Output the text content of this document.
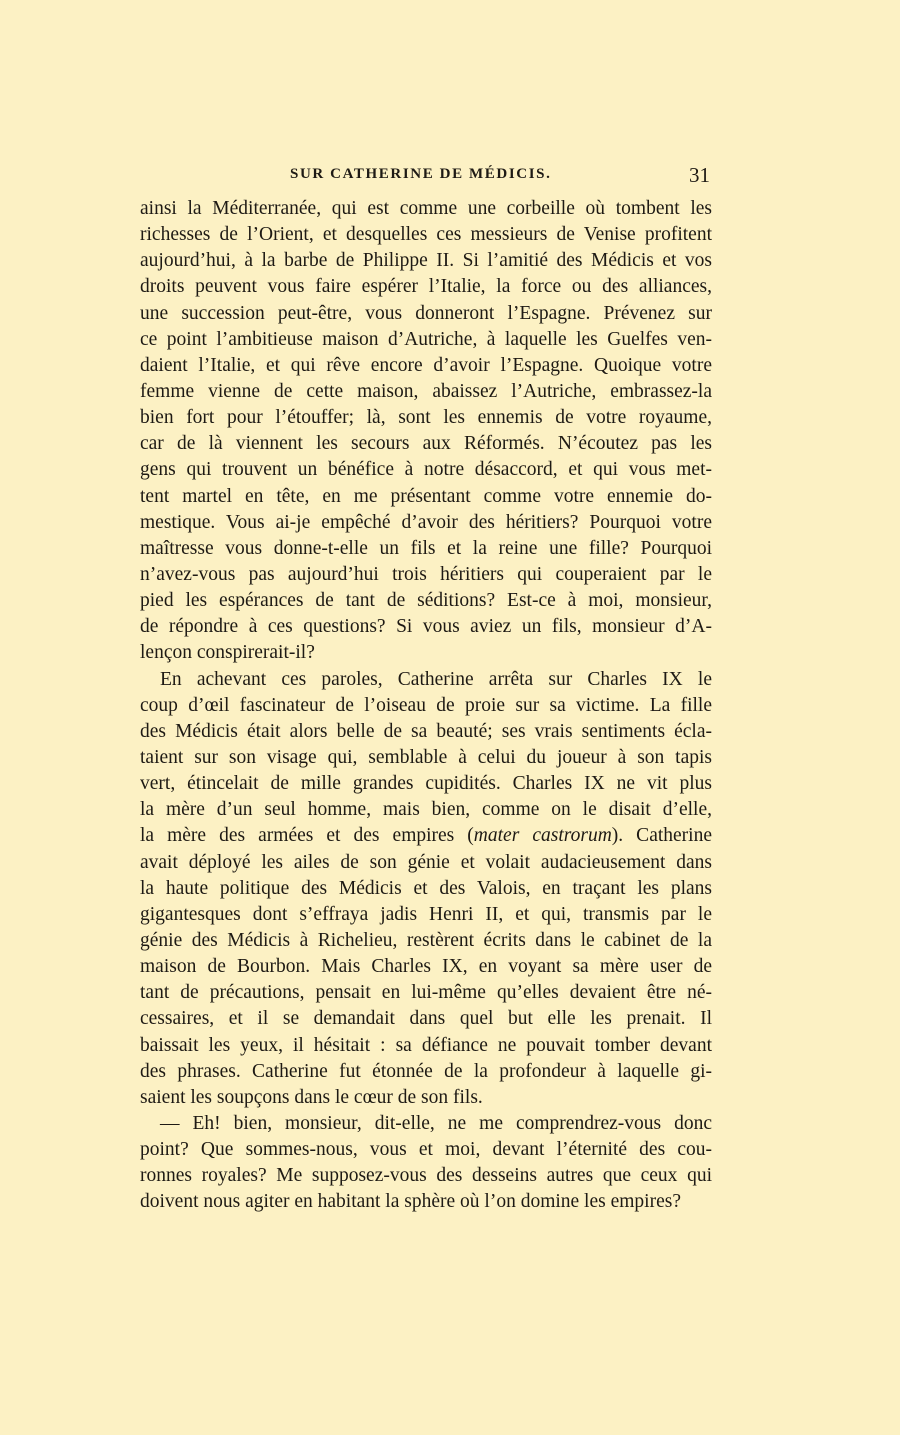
SUR CATHERINE DE MÉDICIS.	31
ainsi la Méditerranée, qui est comme une corbeille où tombent les
richesses de l’Orient, et desquelles ces messieurs de Venise profitent
aujourd’hui, à la barbe de Philippe II. Si l’amitié des Médicis et vos
droits peuvent vous faire espérer l’Italie, la force ou des alliances,
une succession peut-être, vous donneront l’Espagne. Prévenez sur
ce point l’ambitieuse maison d’Autriche, à laquelle les Guelfes ven-
daient l’Italie, et qui rêve encore d’avoir l’Espagne. Quoique votre
femme vienne de cette maison, abaissez l’Autriche, embrassez-la
bien fort pour l’étouffer; là, sont les ennemis de votre royaume,
car de là viennent les secours aux Réformés. N’écoutez pas les
gens qui trouvent un bénéfice à notre désaccord, et qui vous met-
tent martel en tête, en me présentant comme votre ennemie do-
mestique. Vous ai-je empêché d’avoir des héritiers? Pourquoi votre
maîtresse vous donne-t-elle un fils et la reine une fille? Pourquoi
n’avez-vous pas aujourd’hui trois héritiers qui couperaient par le
pied les espérances de tant de séditions? Est-ce à moi, monsieur,
de répondre à ces questions? Si vous aviez un fils, monsieur d’A-
lençon conspirerait-il?
En achevant ces paroles, Catherine arrêta sur Charles IX le
coup d’œil fascinateur de l’oiseau de proie sur sa victime. La fille
des Médicis était alors belle de sa beauté; ses vrais sentiments écla-
taient sur son visage qui, semblable à celui du joueur à son tapis
vert, étincelait de mille grandes cupidités. Charles IX ne vit plus
la mère d’un seul homme, mais bien, comme on le disait d’elle,
la mère des armées et des empires (mater castrorum). Catherine
avait déployé les ailes de son génie et volait audacieusement dans
la haute politique des Médicis et des Valois, en traçant les plans
gigantesques dont s’effraya jadis Henri II, et qui, transmis par le
génie des Médicis à Richelieu, restèrent écrits dans le cabinet de la
maison de Bourbon. Mais Charles IX, en voyant sa mère user de
tant de précautions, pensait en lui-même qu’elles devaient être né-
cessaires, et il se demandait dans quel but elle les prenait. Il
baissait les yeux, il hésitait : sa défiance ne pouvait tomber devant
des phrases. Catherine fut étonnée de la profondeur à laquelle gi-
saient les soupçons dans le cœur de son fils.
— Eh! bien, monsieur, dit-elle, ne me comprendrez-vous donc
point? Que sommes-nous, vous et moi, devant l’éternité des cou-
ronnes royales? Me supposez-vous des desseins autres que ceux qui
doivent nous agiter en habitant la sphère où l’on domine les empires?
